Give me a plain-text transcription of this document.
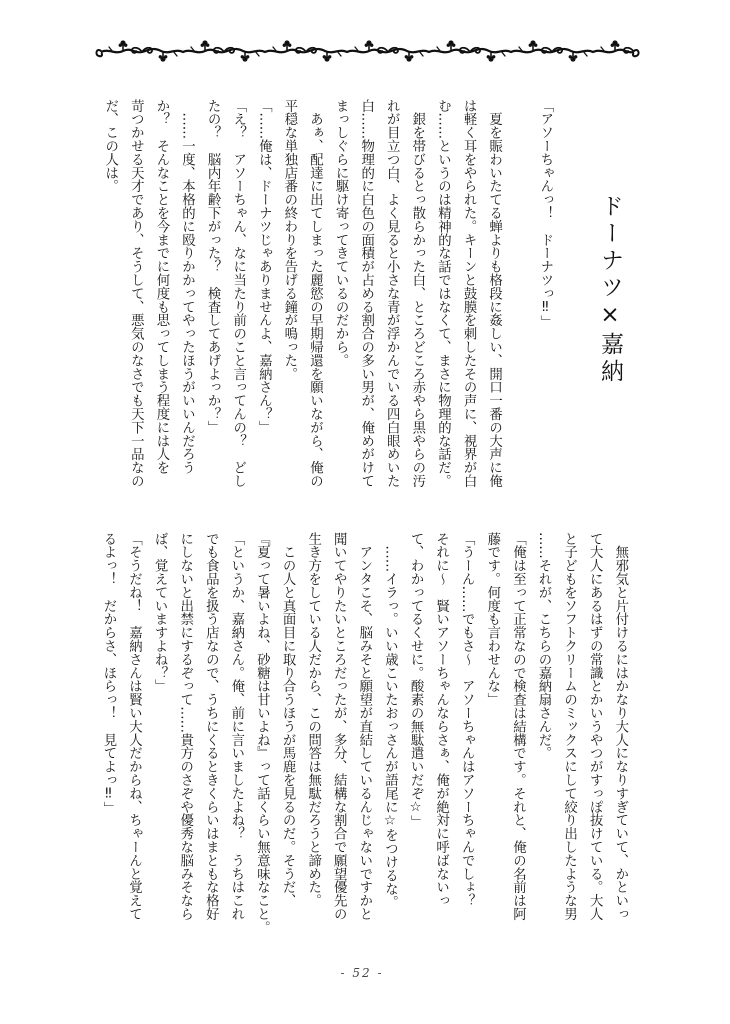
ドーナツ×嘉納
「アソーちゃんっ！　ドーナツっ‼」
　夏を賑わいたてる蝉よりも格段に姦しい、開口一番の大声に俺
は軽く耳をやられた。キーンと鼓膜を刺したその声に、視界が白
む……というのは精神的な話ではなくて、まさに物理的な話だ。
　銀を帯びるとっ散らかった白、ところどころ赤やら黒やらの汚
れが目立つ白、よく見ると小さな青が浮かんでいる四白眼めいた
白……物理的に白色の面積が占める割合の多い男が、俺めがけて
まっしぐらに駆け寄ってきているのだから。
　あぁ、配達に出てしまった麗慾の早期帰還を願いながら、俺の
平穏な単独店番の終わりを告げる鐘が鳴った。
「……俺は、ドーナツじゃありませんよ、嘉納さん？」
「え？　アソーちゃん、なに当たり前のこと言ってんの？　どし
たの？　脳内年齢下がった？　検査してあげよっか？」
　……一度、本格的に殴りかかってやったほうがいいんだろう
か？　そんなことを今までに何度も思ってしまう程度には人を
苛つかせる天才であり、そうして、悪気のなさでも天下一品なの
だ、この人は。
　無邪気と片付けるにはかなり大人になりすぎていて、かといっ
て大人にあるはずの常識とかいうやつがすっぽ抜けている。大人
と子どもをソフトクリームのミックスにして絞り出したような男
……それが、こちらの嘉納扇さんだ。
「俺は至って正常なので検査は結構です。それと、俺の名前は阿
藤です。何度も言わせんな」
「うーん……でもさ～　アソーちゃんはアソーちゃんでしょ？
それに～　賢いアソーちゃんならさぁ、俺が絶対に呼ばないっ
て、わかってるくせに。酸素の無駄遣いだぞ☆」
　……イラっ。いい歳こいたおっさんが語尾に☆をつけるな。
　アンタこそ、脳みそと願望が直結しているんじゃないですかと
聞いてやりたいところだったが、多分、結構な割合で願望優先の
生き方をしている人だから、この問答は無駄だろうと諦めた。
　この人と真面目に取り合うほうが馬鹿を見るのだ。そうだ、
『夏って暑いよね、砂糖は甘いよね』って話くらい無意味なこと。
「というか、嘉納さん。俺、前に言いましたよね？　うちはこれ
でも食品を扱う店なので、うちにくるときくらいはまともな格好
にしないと出禁にするぞって……貴方のさぞや優秀な脳みそなら
ば、覚えていますよね？」
「そうだね！　嘉納さんは賢い大人だからね、ちゃーんと覚えて
るよっ！　だからさ、ほらっ！　見てよっ‼」
- 52 -
